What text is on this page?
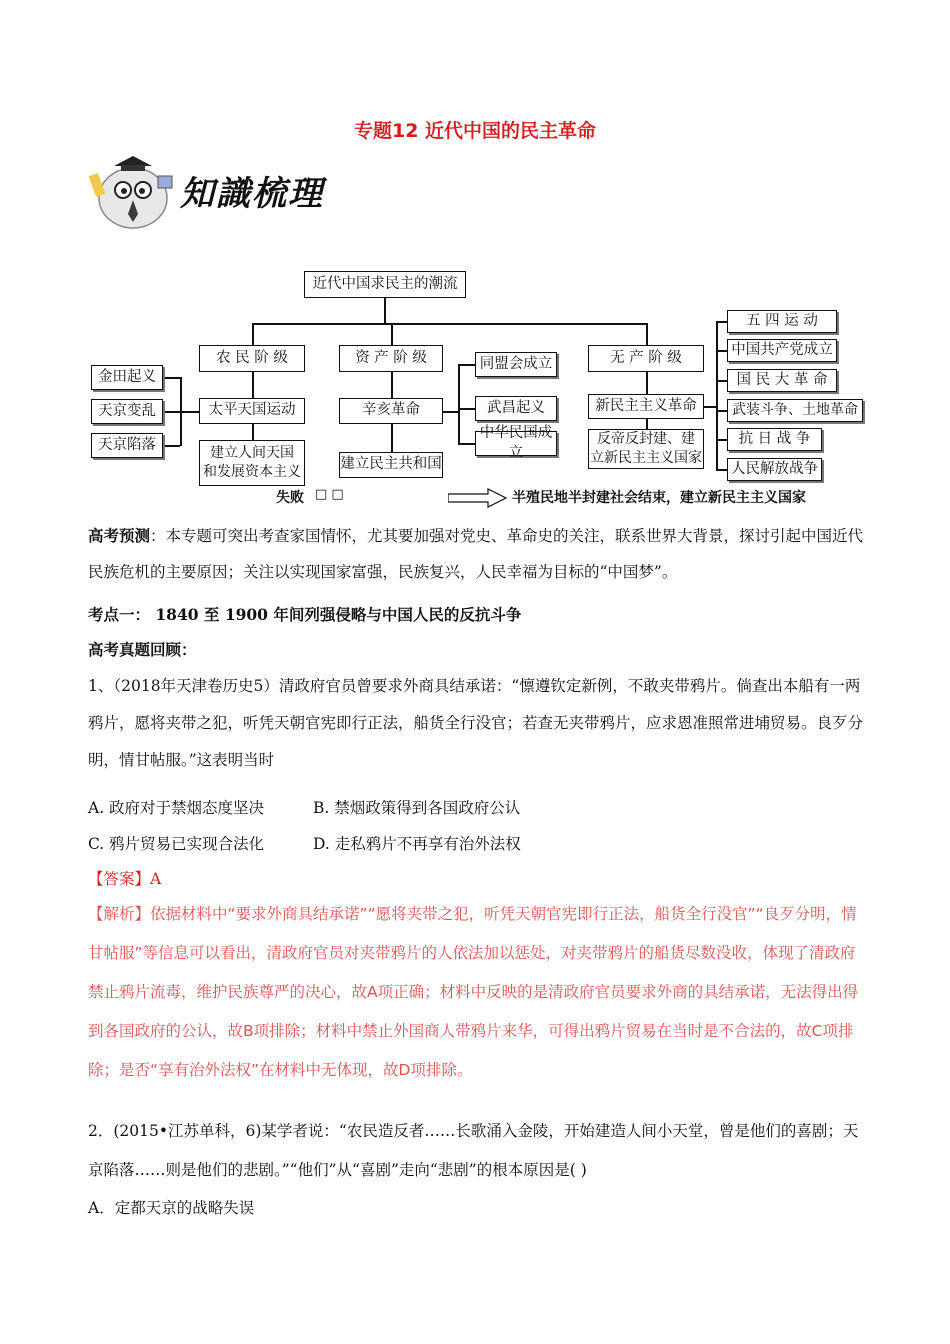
专题12 近代中国的民主革命
知識梳理
近代中国求民主的潮流
农 民 阶 级
太平天国运动
建立人间天国
和发展资本主义
金田起义
天京变乱
天京陷落
资 产 阶 级
辛亥革命
建立民主共和国
同盟会成立
武昌起义
中华民国成立
无 产 阶 级
新民主主义革命
反帝反封建、建
立新民主主义国家
五 四 运 动
中国共产党成立
国 民 大 革 命
武装斗争、土地革命
抗 日 战 争
人民解放战争
失败 □ □	半殖民地半封建社会结束，建立新民主主义国家
高考预测：本专题可突出考查家国情怀，尤其要加强对党史、革命史的关注，联系世界大背景，探讨引起中国近代民族危机的主要原因；关注以实现国家富强，民族复兴，人民幸福为目标的“中国梦”。
考点一： 1840 至 1900 年间列强侵略与中国人民的反抗斗争
高考真题回顾：
1、（2018年天津卷历史5）清政府官员曾要求外商具结承诺：“懔遵钦定新例，不敢夹带鸦片。倘查出本船有一两鸦片，愿将夹带之犯，听凭天朝官宪即行正法，船货全行没官；若查无夹带鸦片，应求恩准照常进埔贸易。良歹分明，情甘帖服。”这表明当时
A. 政府对于禁烟态度坚决	B. 禁烟政策得到各国政府公认
C. 鸦片贸易已实现合法化	D. 走私鸦片不再享有治外法权
【答案】A
【解析】依据材料中“要求外商具结承诺”“愿将夹带之犯，听凭天朝官宪即行正法，船货全行没官”“良歹分明，情甘帖服”等信息可以看出，清政府官员对夹带鸦片的人依法加以惩处，对夹带鸦片的船货尽数没收，体现了清政府禁止鸦片流毒，维护民族尊严的决心，故A项正确；材料中反映的是清政府官员要求外商的具结承诺，无法得出得到各国政府的公认，故B项排除；材料中禁止外国商人带鸦片来华，可得出鸦片贸易在当时是不合法的，故C项排除；是否“享有治外法权”在材料中无体现，故D项排除。
2．(2015•江苏单科，6)某学者说：“农民造反者……长歌涌入金陵，开始建造人间小天堂，曾是他们的喜剧；天京陷落……则是他们的悲剧。”“他们”从“喜剧”走向“悲剧”的根本原因是( )
A．定都天京的战略失误
